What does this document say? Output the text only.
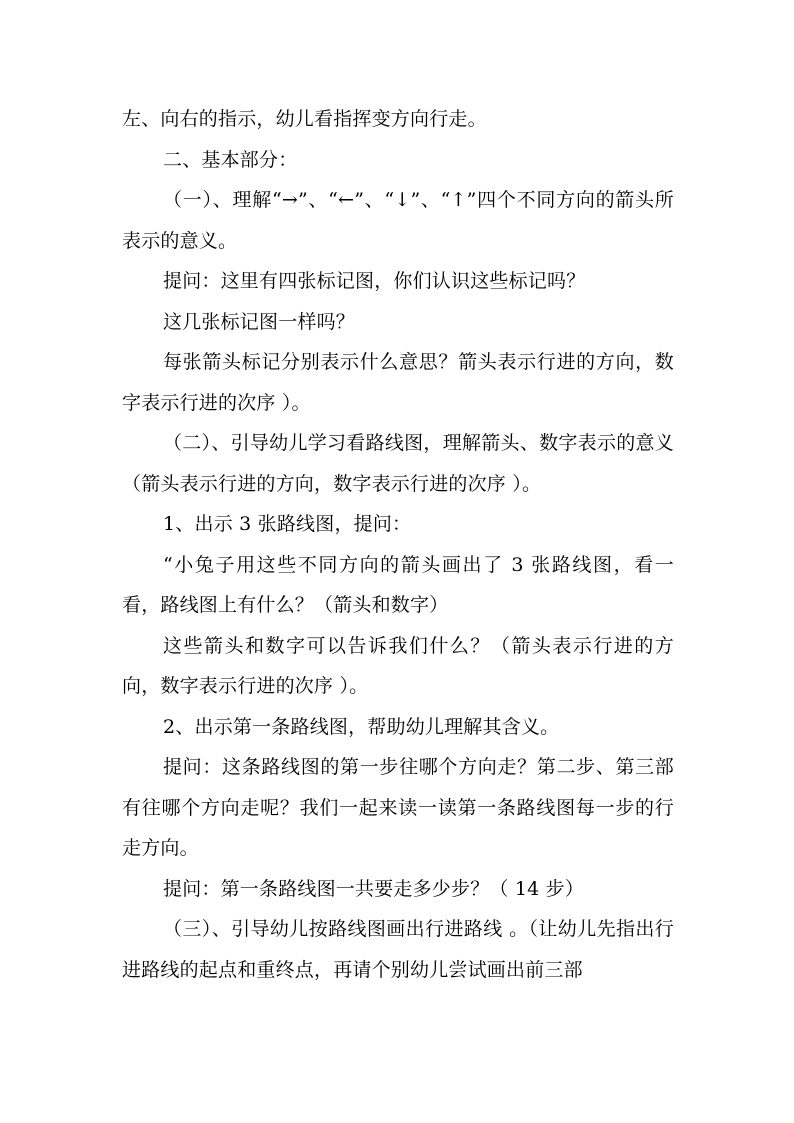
左、向右的指示，幼儿看指挥变方向行走。

二、基本部分：

（一）、理解“→”、“←”、“↓”、“↑”四个不同方向的箭头所表示的意义。

提问：这里有四张标记图，你们认识这些标记吗？

这几张标记图一样吗？

每张箭头标记分别表示什么意思？箭头表示行进的方向，数字表示行进的次序 ）。

（二）、引导幼儿学习看路线图，理解箭头、数字表示的意义（箭头表示行进的方向，数字表示行进的次序 ）。

1、出示 3 张路线图，提问：

“小兔子用这些不同方向的箭头画出了 3 张路线图，看一看，路线图上有什么？（箭头和数字）

这些箭头和数字可以告诉我们什么？（箭头表示行进的方向，数字表示行进的次序 ）。

2、出示第一条路线图，帮助幼儿理解其含义。

提问：这条路线图的第一步往哪个方向走？第二步、第三部有往哪个方向走呢？我们一起来读一读第一条路线图每一步的行走方向。

提问：第一条路线图一共要走多少步？（ 14 步）

（三）、引导幼儿按路线图画出行进路线 。（让幼儿先指出行进路线的起点和重终点，再请个别幼儿尝试画出前三部
